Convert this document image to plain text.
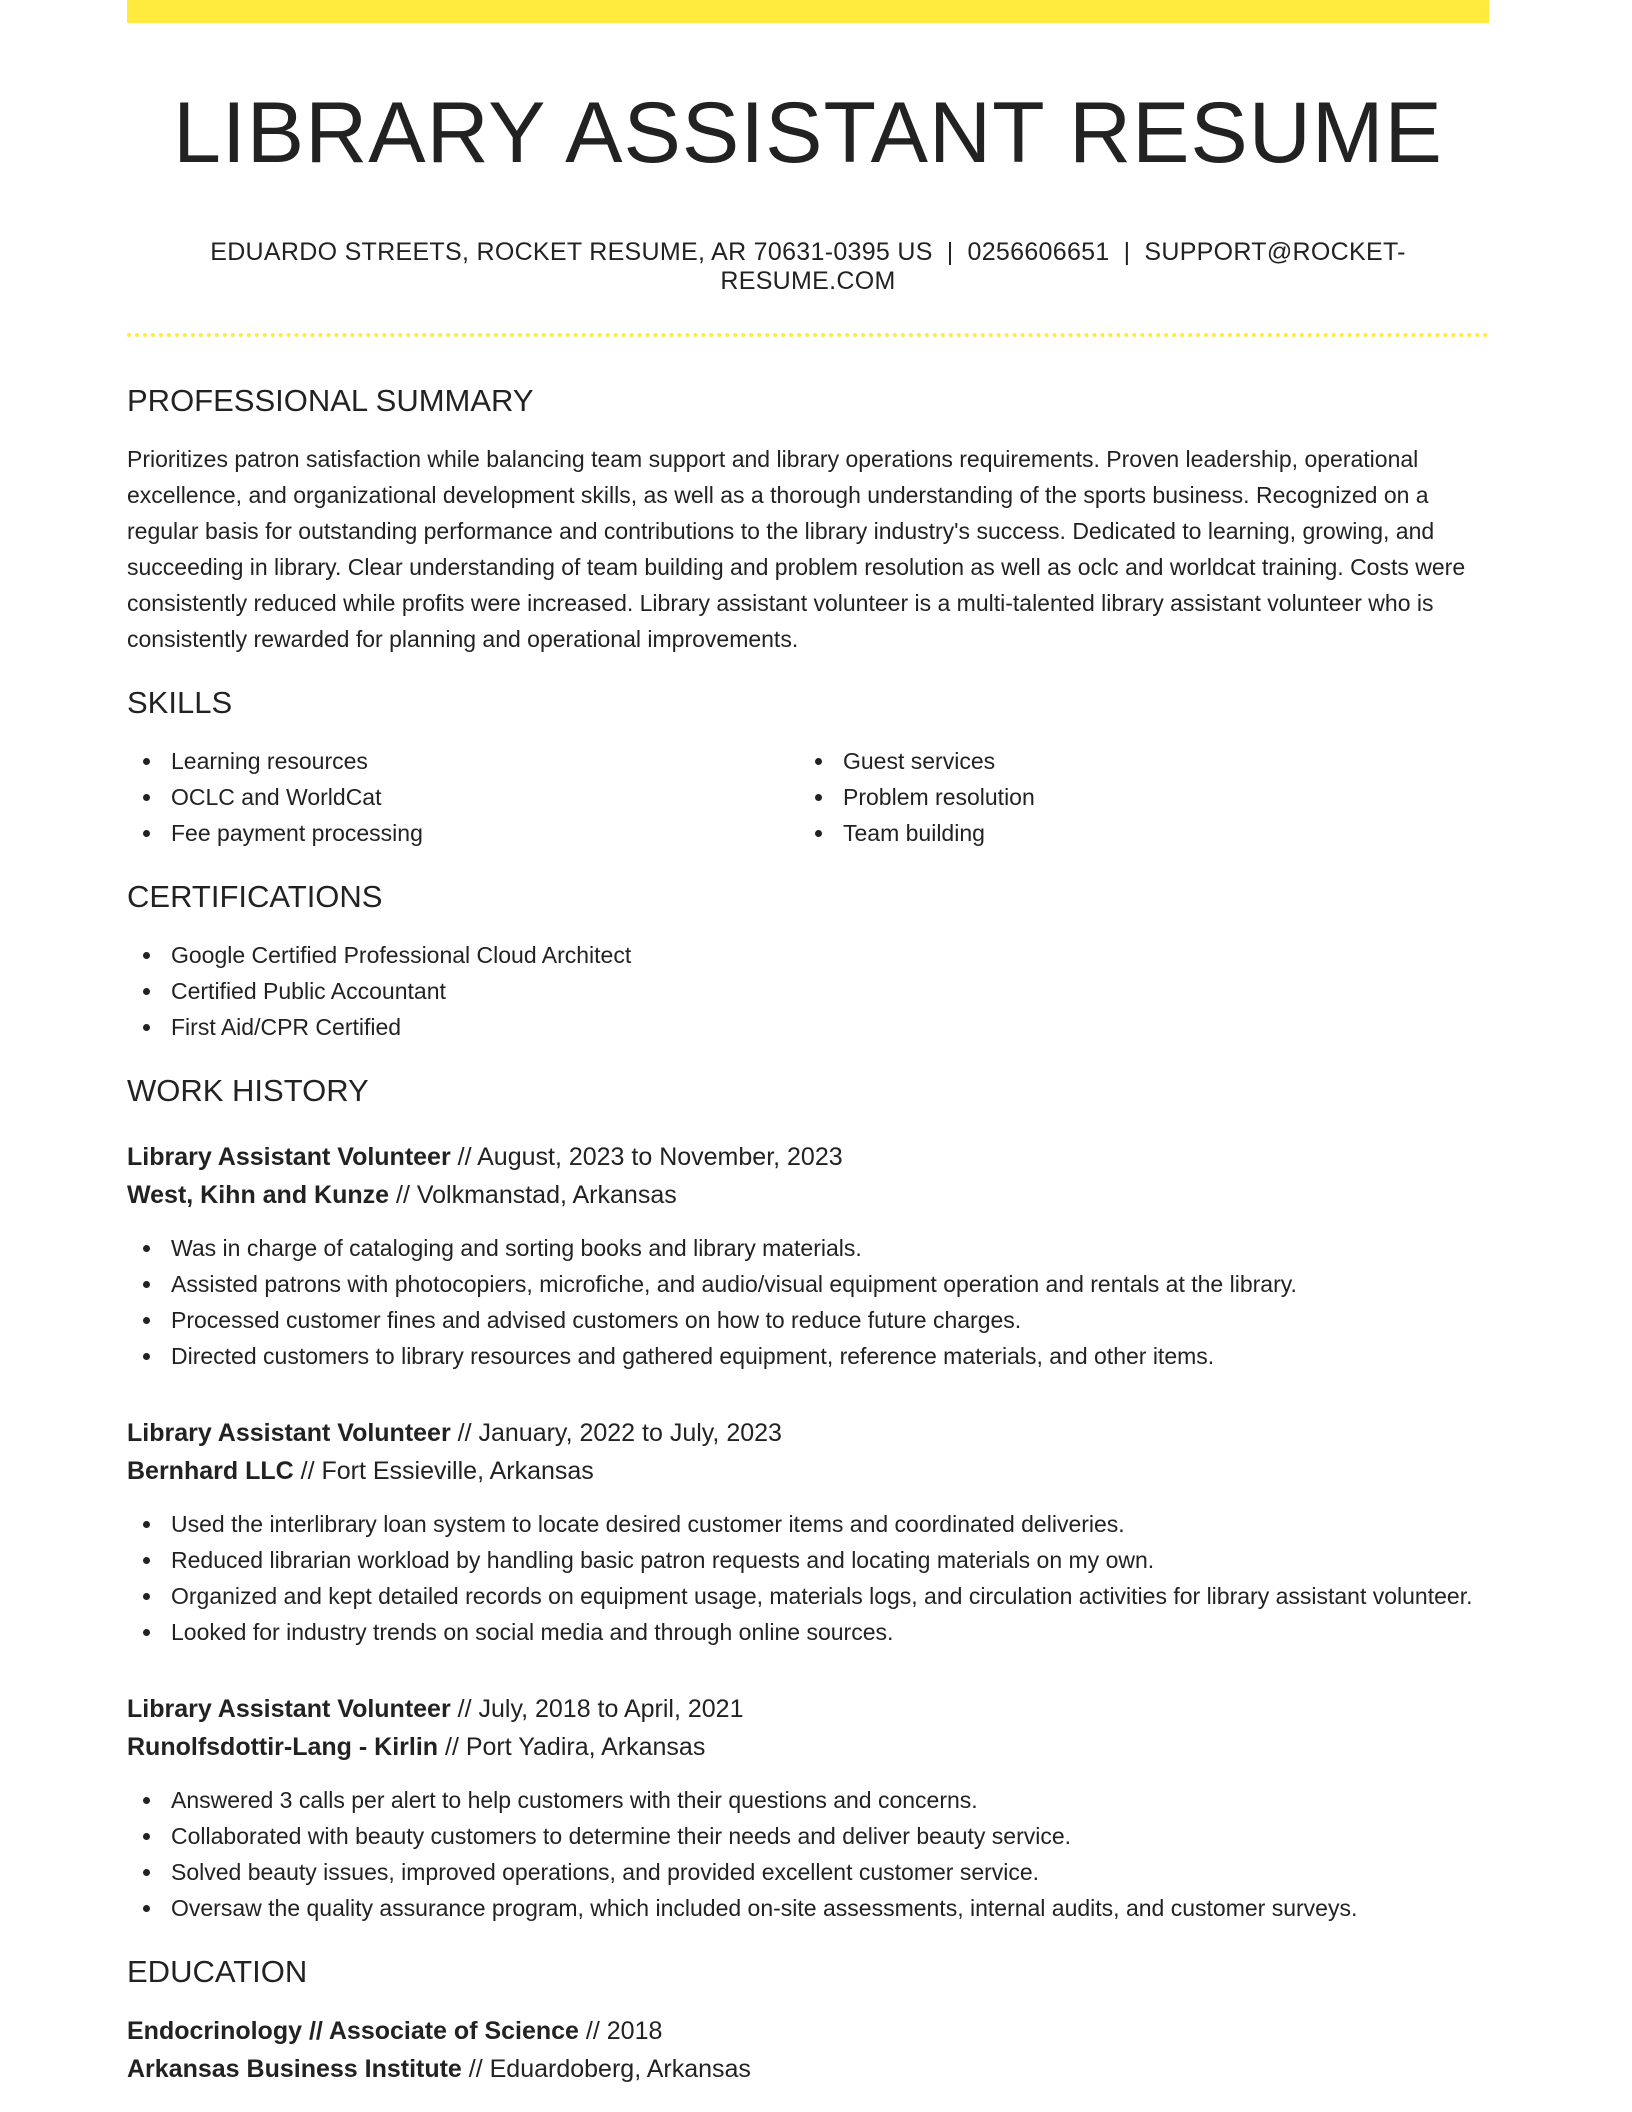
LIBRARY ASSISTANT RESUME
EDUARDO STREETS, ROCKET RESUME, AR 70631-0395 US | 0256606651 | SUPPORT@ROCKET-RESUME.COM
PROFESSIONAL SUMMARY

Prioritizes patron satisfaction while balancing team support and library operations requirements. Proven leadership, operational excellence, and organizational development skills, as well as a thorough understanding of the sports business. Recognized on a regular basis for outstanding performance and contributions to the library industry's success. Dedicated to learning, growing, and succeeding in library. Clear understanding of team building and problem resolution as well as oclc and worldcat training. Costs were consistently reduced while profits were increased. Library assistant volunteer is a multi-talented library assistant volunteer who is consistently rewarded for planning and operational improvements.

SKILLS
Learning resources
OCLC and WorldCat
Fee payment processing
Guest services
Problem resolution
Team building
CERTIFICATIONS
Google Certified Professional Cloud Architect
Certified Public Accountant
First Aid/CPR Certified
WORK HISTORY
Library Assistant Volunteer // August, 2023 to November, 2023
West, Kihn and Kunze // Volkmanstad, Arkansas
Was in charge of cataloging and sorting books and library materials.
Assisted patrons with photocopiers, microfiche, and audio/visual equipment operation and rentals at the library.
Processed customer fines and advised customers on how to reduce future charges.
Directed customers to library resources and gathered equipment, reference materials, and other items.
Library Assistant Volunteer // January, 2022 to July, 2023
Bernhard LLC // Fort Essieville, Arkansas
Used the interlibrary loan system to locate desired customer items and coordinated deliveries.
Reduced librarian workload by handling basic patron requests and locating materials on my own.
Organized and kept detailed records on equipment usage, materials logs, and circulation activities for library assistant volunteer.
Looked for industry trends on social media and through online sources.
Library Assistant Volunteer // July, 2018 to April, 2021
Runolfsdottir-Lang - Kirlin // Port Yadira, Arkansas
Answered 3 calls per alert to help customers with their questions and concerns.
Collaborated with beauty customers to determine their needs and deliver beauty service.
Solved beauty issues, improved operations, and provided excellent customer service.
Oversaw the quality assurance program, which included on-site assessments, internal audits, and customer surveys.
EDUCATION
Endocrinology // Associate of Science // 2018
Arkansas Business Institute // Eduardoberg, Arkansas
